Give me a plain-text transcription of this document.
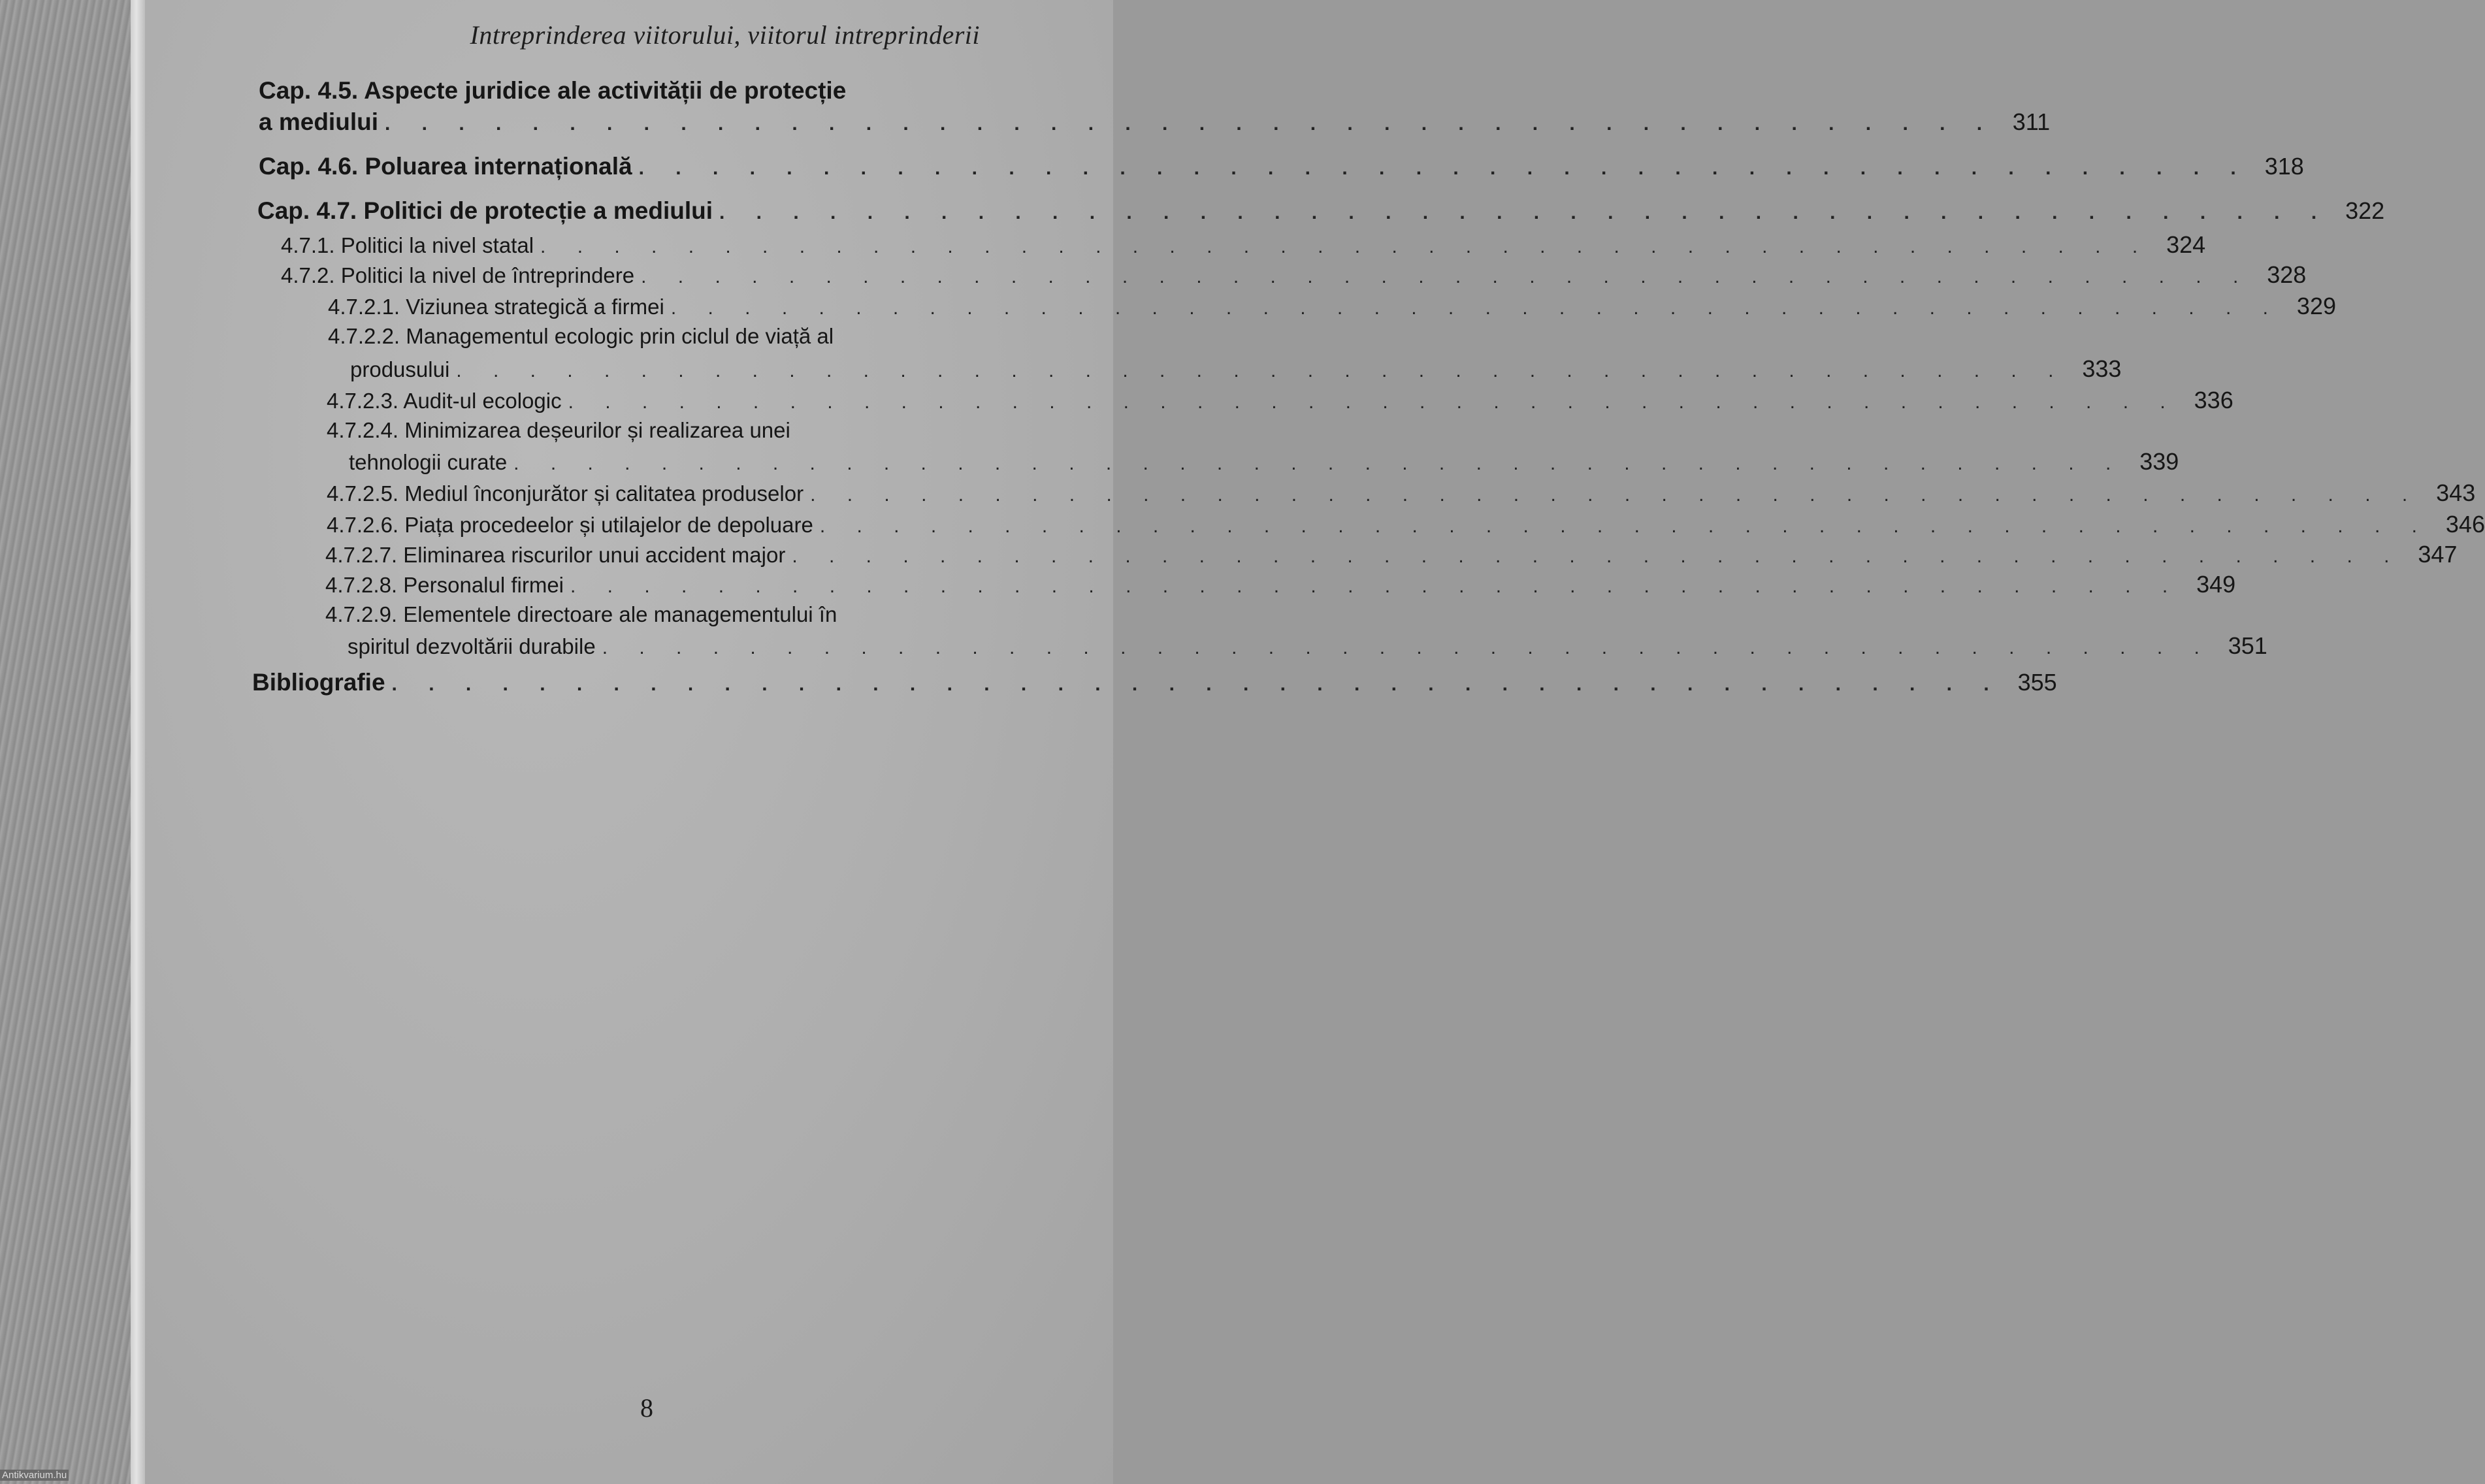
Intreprinderea viitorului, viitorul intreprinderii
Cap. 4.5. Aspecte juridice ale activității de protecție
a mediului . . . . . . . . . . . . . . . . . . . . . . . . . . . . . . . . . . . . . . . . . . . . 311
Cap. 4.6. Poluarea internațională . . . . . . . . . . . . . . . . . . . . . . . . . . . . . . . . . . . . . . . . . . . . 318
Cap. 4.7. Politici de protecție a mediului . . . . . . . . . . . . . . . . . . . . . . . . . . . . . . . . . . . . . . . . . . . . 322
4.7.1. Politici la nivel statal . . . . . . . . . . . . . . . . . . . . . . . . . . . . . . . . . . . . . . . . . . . . 324
4.7.2. Politici la nivel de întreprindere . . . . . . . . . . . . . . . . . . . . . . . . . . . . . . . . . . . . . . . . . . . . 328
4.7.2.1. Viziunea strategică a firmei . . . . . . . . . . . . . . . . . . . . . . . . . . . . . . . . . . . . . . . . . . . . 329
4.7.2.2. Managementul ecologic prin ciclul de viață al
produsului . . . . . . . . . . . . . . . . . . . . . . . . . . . . . . . . . . . . . . . . . . . . 333
4.7.2.3. Audit-ul ecologic . . . . . . . . . . . . . . . . . . . . . . . . . . . . . . . . . . . . . . . . . . . . 336
4.7.2.4. Minimizarea deșeurilor și realizarea unei
tehnologii curate . . . . . . . . . . . . . . . . . . . . . . . . . . . . . . . . . . . . . . . . . . . . 339
4.7.2.5. Mediul înconjurător și calitatea produselor . . . . . . . . . . . . . . . . . . . . . . . . . . . . . . . . . . . . . . . . . . . . 343
4.7.2.6. Piața procedeelor și utilajelor de depoluare . . . . . . . . . . . . . . . . . . . . . . . . . . . . . . . . . . . . . . . . . . . . 346
4.7.2.7. Eliminarea riscurilor unui accident major . . . . . . . . . . . . . . . . . . . . . . . . . . . . . . . . . . . . . . . . . . . . 347
4.7.2.8. Personalul firmei . . . . . . . . . . . . . . . . . . . . . . . . . . . . . . . . . . . . . . . . . . . . 349
4.7.2.9. Elementele directoare ale managementului în
spiritul dezvoltării durabile . . . . . . . . . . . . . . . . . . . . . . . . . . . . . . . . . . . . . . . . . . . . 351
Bibliografie . . . . . . . . . . . . . . . . . . . . . . . . . . . . . . . . . . . . . . . . . . . . 355
8
Antikvarium.hu
